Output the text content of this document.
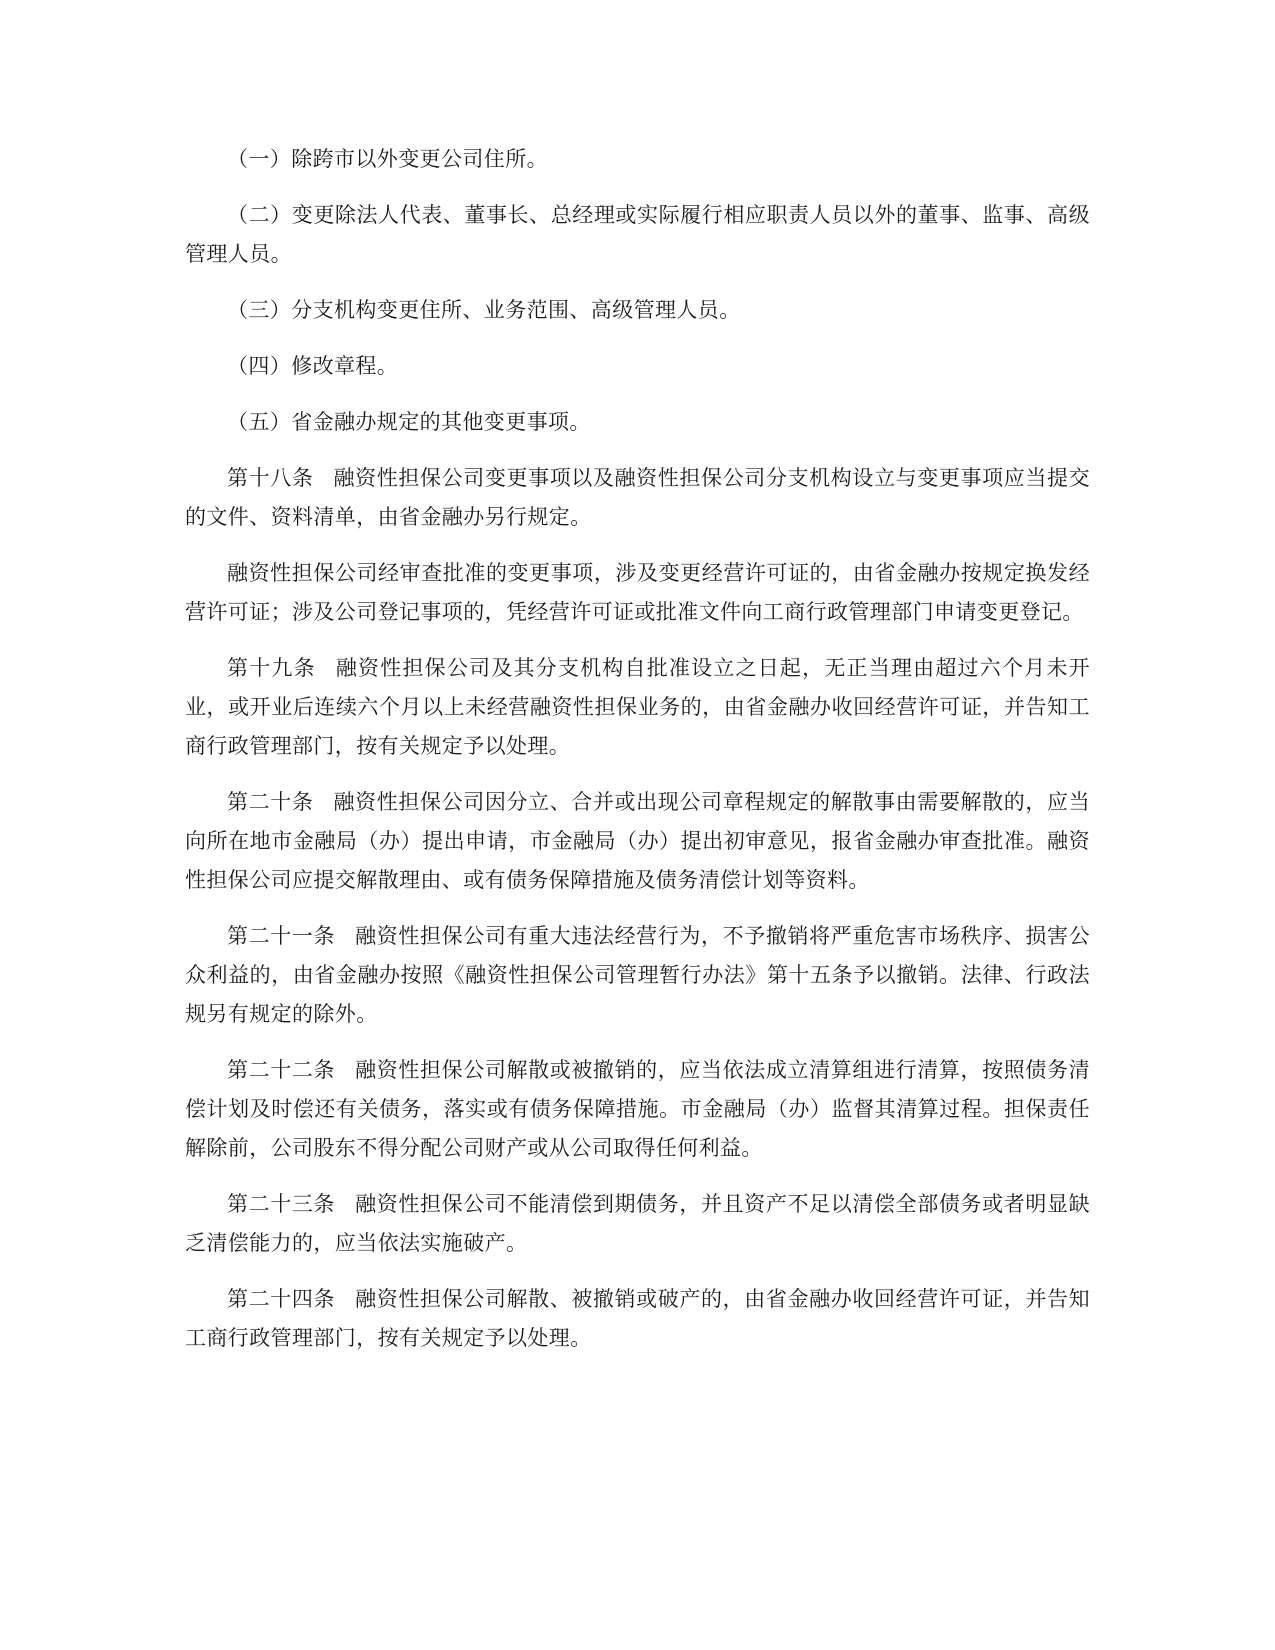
（一）除跨市以外变更公司住所。

（二）变更除法人代表、董事长、总经理或实际履行相应职责人员以外的董事、监事、高级管理人员。

（三）分支机构变更住所、业务范围、高级管理人员。

（四）修改章程。

（五）省金融办规定的其他变更事项。

第十八条 融资性担保公司变更事项以及融资性担保公司分支机构设立与变更事项应当提交的文件、资料清单，由省金融办另行规定。

融资性担保公司经审查批准的变更事项，涉及变更经营许可证的，由省金融办按规定换发经营许可证；涉及公司登记事项的，凭经营许可证或批准文件向工商行政管理部门申请变更登记。

第十九条 融资性担保公司及其分支机构自批准设立之日起，无正当理由超过六个月未开业，或开业后连续六个月以上未经营融资性担保业务的，由省金融办收回经营许可证，并告知工商行政管理部门，按有关规定予以处理。

第二十条 融资性担保公司因分立、合并或出现公司章程规定的解散事由需要解散的，应当向所在地市金融局（办）提出申请，市金融局（办）提出初审意见，报省金融办审查批准。融资性担保公司应提交解散理由、或有债务保障措施及债务清偿计划等资料。

第二十一条 融资性担保公司有重大违法经营行为，不予撤销将严重危害市场秩序、损害公众利益的，由省金融办按照《融资性担保公司管理暂行办法》第十五条予以撤销。法律、行政法规另有规定的除外。

第二十二条 融资性担保公司解散或被撤销的，应当依法成立清算组进行清算，按照债务清偿计划及时偿还有关债务，落实或有债务保障措施。市金融局（办）监督其清算过程。担保责任解除前，公司股东不得分配公司财产或从公司取得任何利益。

第二十三条 融资性担保公司不能清偿到期债务，并且资产不足以清偿全部债务或者明显缺乏清偿能力的，应当依法实施破产。

第二十四条 融资性担保公司解散、被撤销或破产的，由省金融办收回经营许可证，并告知工商行政管理部门，按有关规定予以处理。
